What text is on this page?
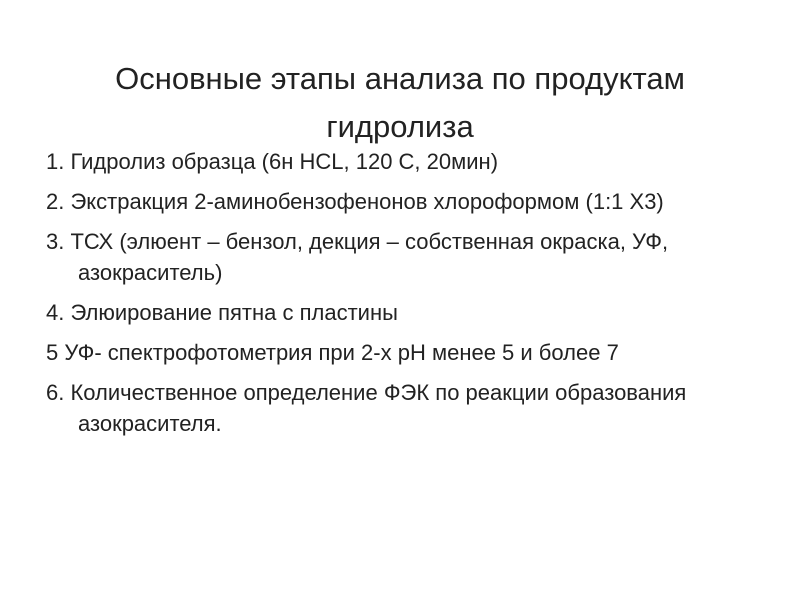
Основные этапы анализа по продуктам гидролиза
1. Гидролиз образца (6н HCL, 120 С, 20мин)
2. Экстракция 2-аминобензофенонов хлороформом (1:1 Х3)
3. ТСХ (элюент – бензол, декция – собственная окраска, УФ, азокраситель)
4. Элюирование пятна с пластины
5 УФ- спектрофотометрия при 2-х рН менее 5 и более 7
6. Количественное определение ФЭК по реакции образования азокрасителя.
